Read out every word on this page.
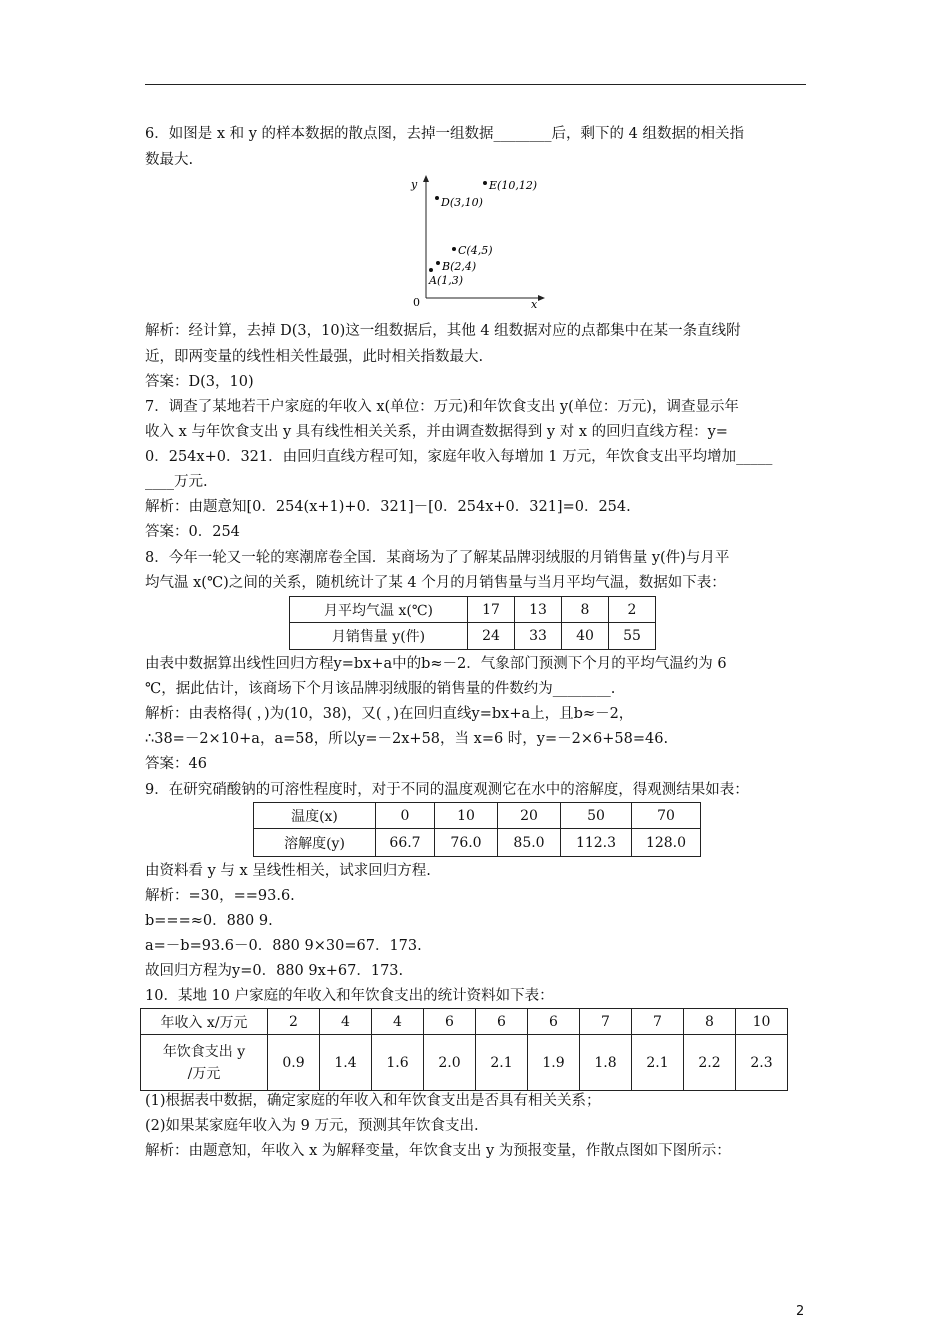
6．如图是 x 和 y 的样本数据的散点图，去掉一组数据________后，剩下的 4 组数据的相关指
数最大.
y
x
0
A(1,3)
B(2,4)
C(4,5)
D(3,10)
E(10,12)
解析：经计算，去掉 D(3，10)这一组数据后，其他 4 组数据对应的点都集中在某一条直线附
近，即两变量的线性相关性最强，此时相关指数最大.
答案：D(3，10)
7．调查了某地若干户家庭的年收入 x(单位：万元)和年饮食支出 y(单位：万元)，调查显示年
收入 x 与年饮食支出 y 具有线性相关关系，并由调查数据得到 y 对 x 的回归直线方程：y=
0．254x+0．321．由回归直线方程可知，家庭年收入每增加 1 万元，年饮食支出平均增加_____
____万元.
解析：由题意知[0．254(x+1)+0．321]－[0．254x+0．321]=0．254.
答案：0．254
8．今年一轮又一轮的寒潮席卷全国．某商场为了了解某品牌羽绒服的月销售量 y(件)与月平
均气温 x(℃)之间的关系，随机统计了某 4 个月的月销售量与当月平均气温，数据如下表：
月平均气温 x(℃)	17	13	8	2
月销售量 y(件)	24	33	40	55
由表中数据算出线性回归方程y=bx+a中的b≈－2．气象部门预测下个月的平均气温约为 6
℃，据此估计，该商场下个月该品牌羽绒服的销售量的件数约为________.
解析：由表格得( ，)为(10，38)，又( ，)在回归直线y=bx+a上，且b≈－2，
∴38=－2×10+a，a=58，所以y=－2x+58，当 x=6 时，y=－2×6+58=46.
答案：46
9．在研究硝酸钠的可溶性程度时，对于不同的温度观测它在水中的溶解度，得观测结果如表：
温度(x)	0	10	20	50	70
溶解度(y)	66.7	76.0	85.0	112.3	128.0
由资料看 y 与 x 呈线性相关，试求回归方程.
解析：=30，==93.6.
b===≈0．880 9.
a=－b=93.6－0．880 9×30=67．173.
故回归方程为y=0．880 9x+67．173.
10．某地 10 户家庭的年收入和年饮食支出的统计资料如下表：
年收入 x/万元	2	4	4	6	6	6	7	7	8	10

年饮食支出 y
/万元	0.9	1.4	1.6	2.0	2.1	1.9	1.8	2.1	2.2	2.3
(1)根据表中数据，确定家庭的年收入和年饮食支出是否具有相关关系；
(2)如果某家庭年收入为 9 万元，预测其年饮食支出.
解析：由题意知，年收入 x 为解释变量，年饮食支出 y 为预报变量，作散点图如下图所示：
2
